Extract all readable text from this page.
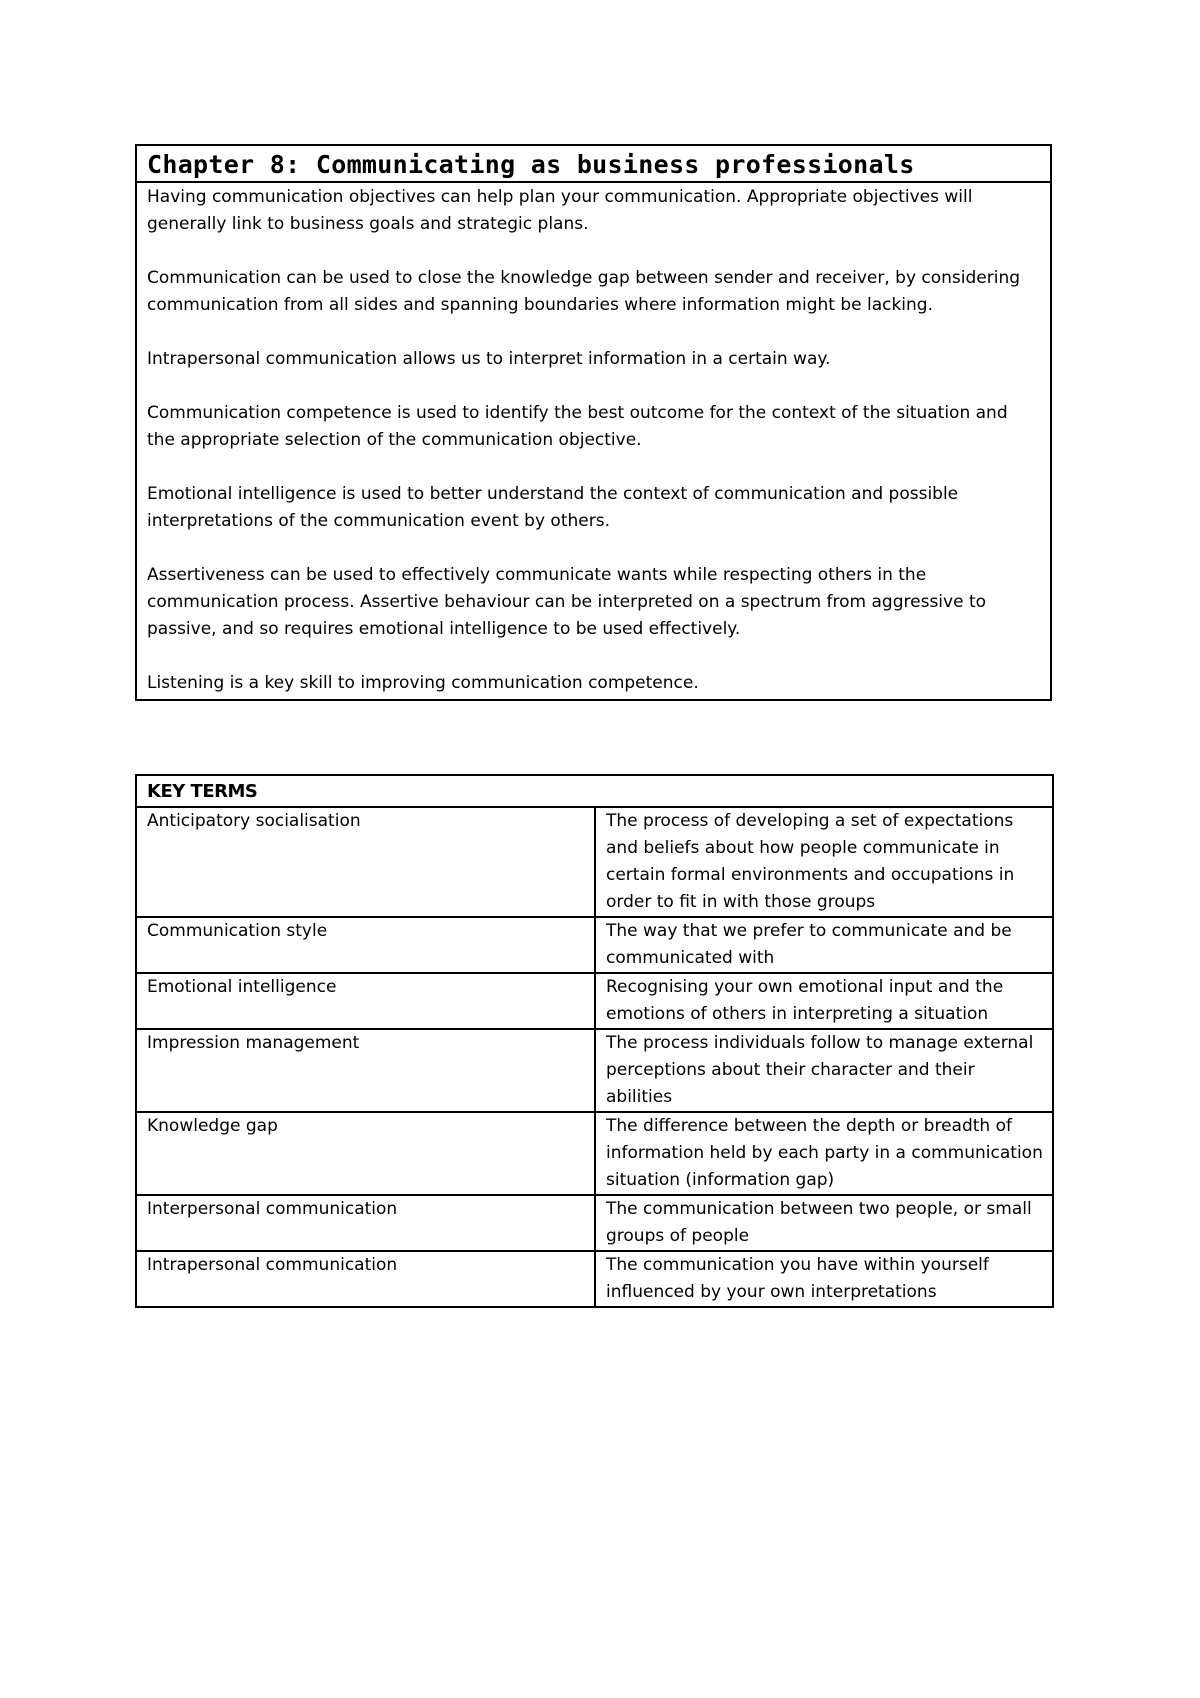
Chapter 8: Communicating as business professionals

Having communication objectives can help plan your communication. Appropriate objectives will generally link to business goals and strategic plans.

Communication can be used to close the knowledge gap between sender and receiver, by considering communication from all sides and spanning boundaries where information might be lacking.

Intrapersonal communication allows us to interpret information in a certain way.

Communication competence is used to identify the best outcome for the context of the situation and the appropriate selection of the communication objective.

Emotional intelligence is used to better understand the context of communication and possible interpretations of the communication event by others.

Assertiveness can be used to effectively communicate wants while respecting others in the communication process. Assertive behaviour can be interpreted on a spectrum from aggressive to passive, and so requires emotional intelligence to be used effectively.

Listening is a key skill to improving communication competence.

KEY TERMS	
Anticipatory socialisation	The process of developing a set of expectations and beliefs about how people communicate in certain formal environments and occupations in order to fit in with those groups
Communication style	The way that we prefer to communicate and be communicated with
Emotional intelligence	Recognising your own emotional input and the emotions of others in interpreting a situation
Impression management	The process individuals follow to manage external perceptions about their character and their abilities
Knowledge gap	The difference between the depth or breadth of information held by each party in a communication situation (information gap)
Interpersonal communication	The communication between two people, or small groups of people
Intrapersonal communication	The communication you have within yourself influenced by your own interpretations
